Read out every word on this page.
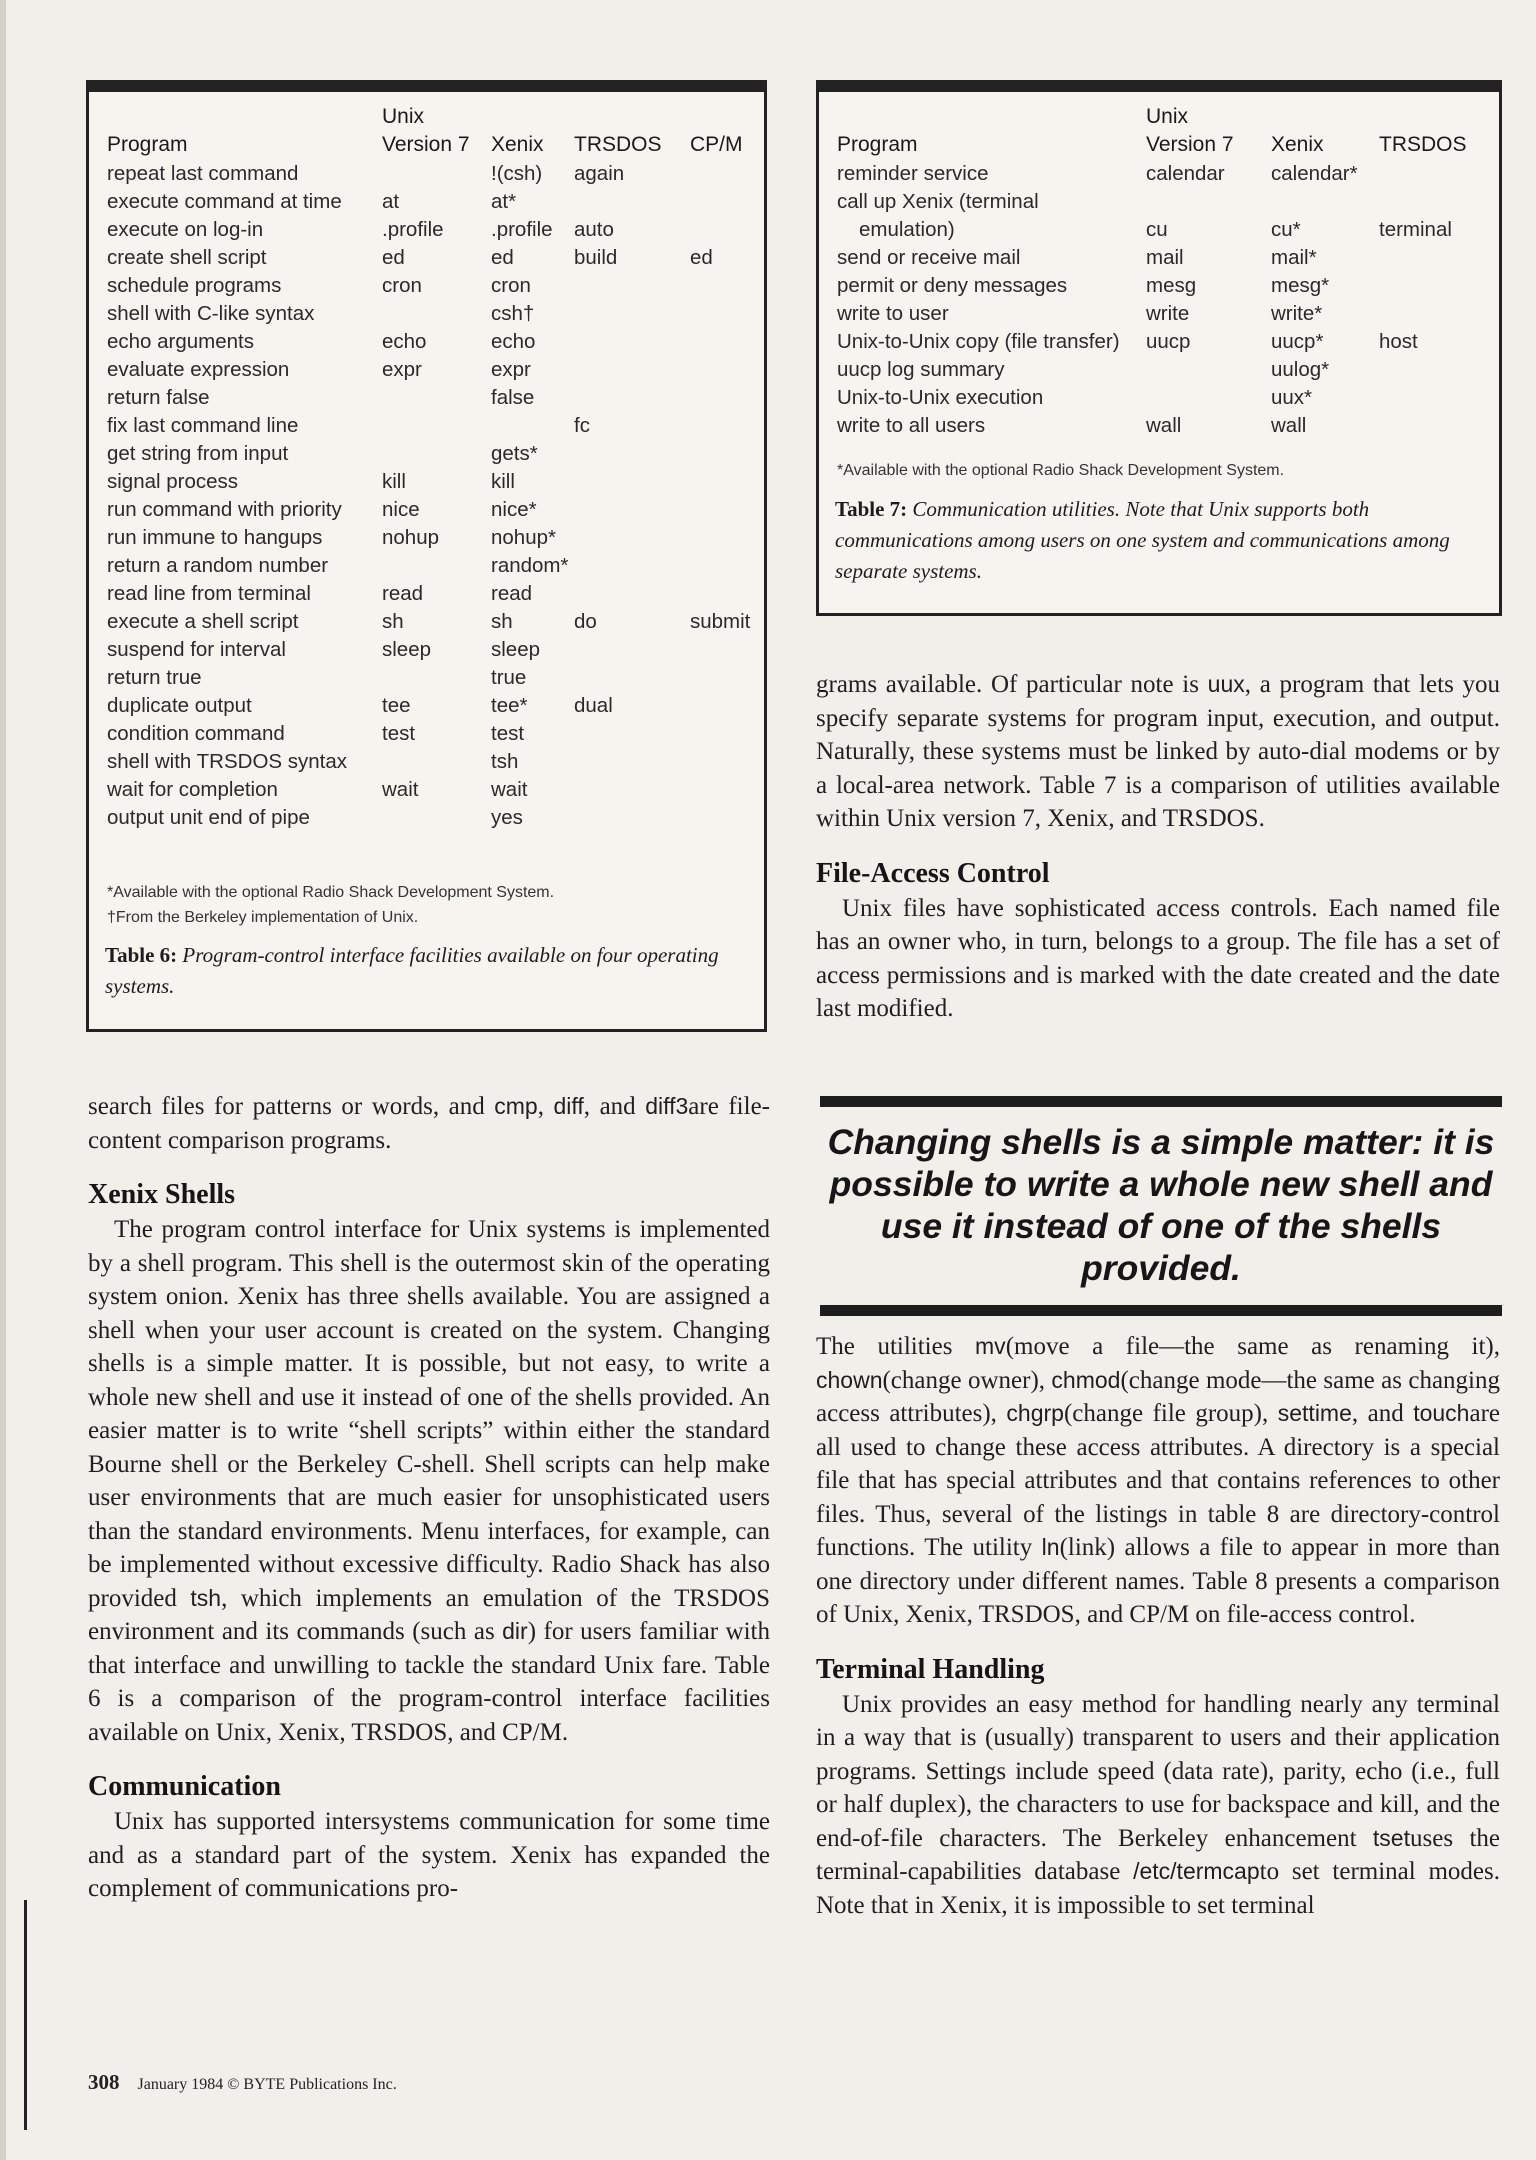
	Unix			
Program	Version 7	Xenix	TRSDOS	CP/M
repeat last command		!(csh)	again	
execute command at time	at	at*		
execute on log-in	.profile	.profile	auto	
create shell script	ed	ed	build	ed
schedule programs	cron	cron		
shell with C-like syntax		csh†		
echo arguments	echo	echo		
evaluate expression	expr	expr		
return false		false		
fix last command line			fc	
get string from input		gets*		
signal process	kill	kill		
run command with priority	nice	nice*		
run immune to hangups	nohup	nohup*		
return a random number		random*		
read line from terminal	read	read		
execute a shell script	sh	sh	do	submit
suspend for interval	sleep	sleep		
return true		true		
duplicate output	tee	tee*	dual	
condition command	test	test		
shell with TRSDOS syntax		tsh		
wait for completion	wait	wait		
output unit end of pipe		yes		
*Available with the optional Radio Shack Development System.
†From the Berkeley implementation of Unix.
Table 6: Program-control interface facilities available on four operating systems.
	Unix		
Program	Version 7	Xenix	TRSDOS
reminder service	calendar	calendar*	
call up Xenix (terminal			
emulation)	cu	cu*	terminal
send or receive mail	mail	mail*	
permit or deny messages	mesg	mesg*	
write to user	write	write*	
Unix-to-Unix copy (file transfer)	uucp	uucp*	host
uucp log summary		uulog*	
Unix-to-Unix execution		uux*	
write to all users	wall	wall	
*Available with the optional Radio Shack Development System.
Table 7: Communication utilities. Note that Unix supports both communications among users on one system and communications among separate systems.

search files for patterns or words, and cmp, diff, and diff3are file-content comparison programs.

Xenix Shells

The program control interface for Unix systems is implemented by a shell program. This shell is the outermost skin of the operating system onion. Xenix has three shells available. You are assigned a shell when your user account is created on the system. Changing shells is a simple matter. It is possible, but not easy, to write a whole new shell and use it instead of one of the shells provided. An easier matter is to write “shell scripts” within either the standard Bourne shell or the Berkeley C-shell. Shell scripts can help make user environments that are much easier for unsophisticated users than the standard environments. Menu interfaces, for example, can be implemented without excessive difficulty. Radio Shack has also provided tsh, which implements an emulation of the TRSDOS environment and its commands (such as dir) for users familiar with that interface and unwilling to tackle the standard Unix fare. Table 6 is a comparison of the program-control interface facilities available on Unix, Xenix, TRSDOS, and CP/M.

Communication

Unix has supported intersystems communication for some time and as a standard part of the system. Xenix has expanded the complement of communications pro-

grams available. Of particular note is uux, a program that lets you specify separate systems for program input, execution, and output. Naturally, these systems must be linked by auto-dial modems or by a local-area network. Table 7 is a comparison of utilities available within Unix version 7, Xenix, and TRSDOS.

File-Access Control

Unix files have sophisticated access controls. Each named file has an owner who, in turn, belongs to a group. The file has a set of access permissions and is marked with the date created and the date last modified.

Changing shells is a simple matter: it is possible to write a whole new shell and use it instead of one of the shells provided.

The utilities mv(move a file—the same as renaming it), chown(change owner), chmod(change mode—the same as changing access attributes), chgrp(change file group), settime, and touchare all used to change these access attributes. A directory is a special file that has special attributes and that contains references to other files. Thus, several of the listings in table 8 are directory-control functions. The utility ln(link) allows a file to appear in more than one directory under different names. Table 8 presents a comparison of Unix, Xenix, TRSDOS, and CP/M on file-access control.

Terminal Handling

Unix provides an easy method for handling nearly any terminal in a way that is (usually) transparent to users and their application programs. Settings include speed (data rate), parity, echo (i.e., full or half duplex), the characters to use for backspace and kill, and the end-of-file characters. The Berkeley enhancement tsetuses the terminal-capabilities database /etc/termcapto set terminal modes. Note that in Xenix, it is impossible to set terminal

308 January 1984 © BYTE Publications Inc.
